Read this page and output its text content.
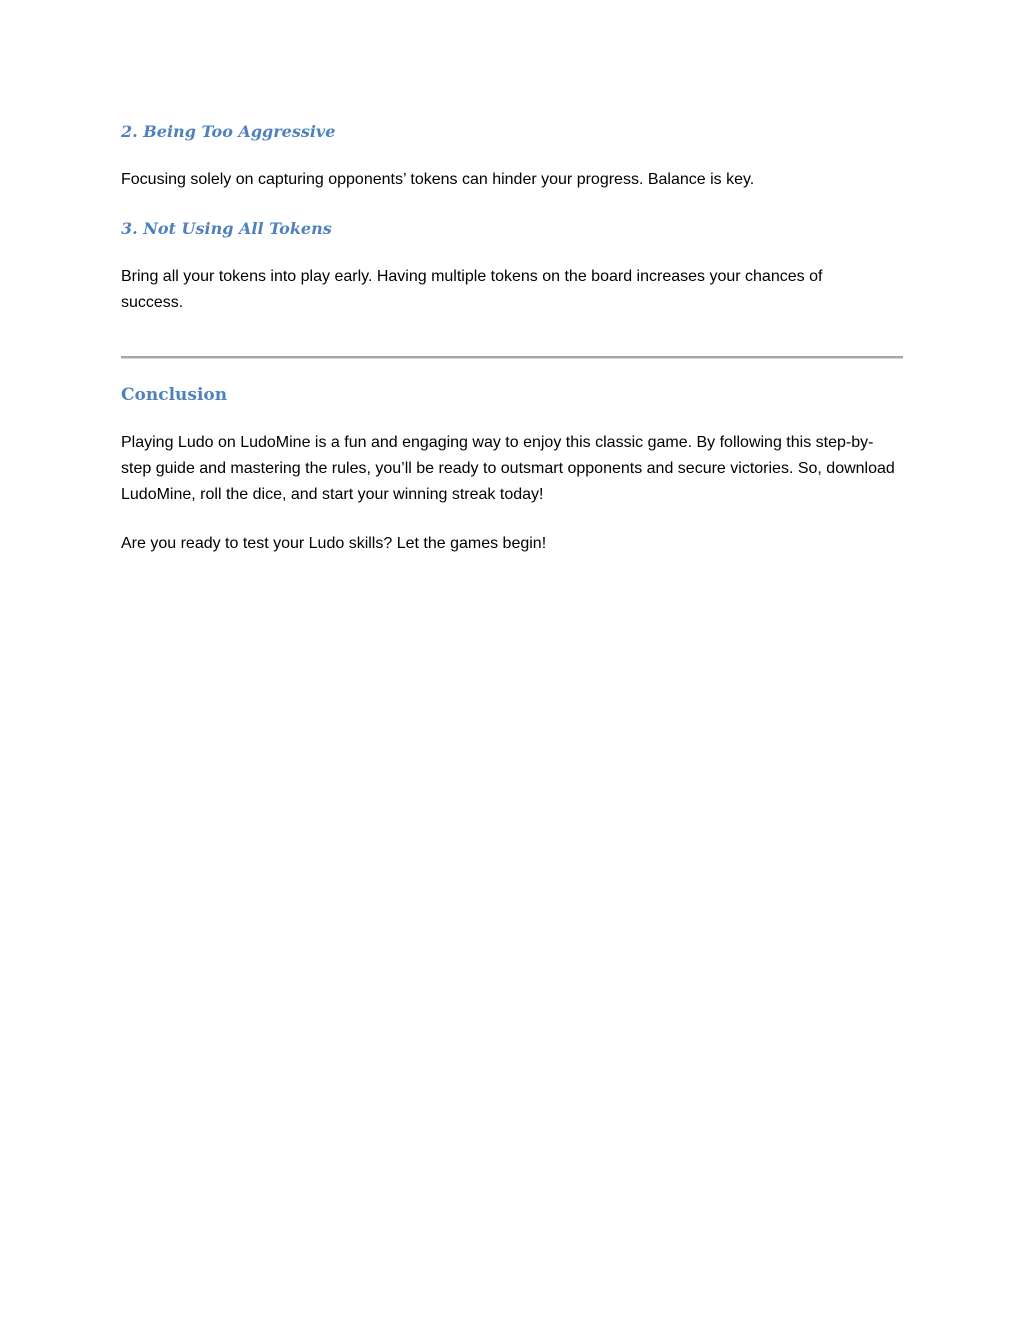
2. Being Too Aggressive

Focusing solely on capturing opponents’ tokens can hinder your progress. Balance is key.

3. Not Using All Tokens

Bring all your tokens into play early. Having multiple tokens on the board increases your chances of success.

Conclusion

Playing Ludo on LudoMine is a fun and engaging way to enjoy this classic game. By following this step-by-step guide and mastering the rules, you’ll be ready to outsmart opponents and secure victories. So, download LudoMine, roll the dice, and start your winning streak today!

Are you ready to test your Ludo skills? Let the games begin!
